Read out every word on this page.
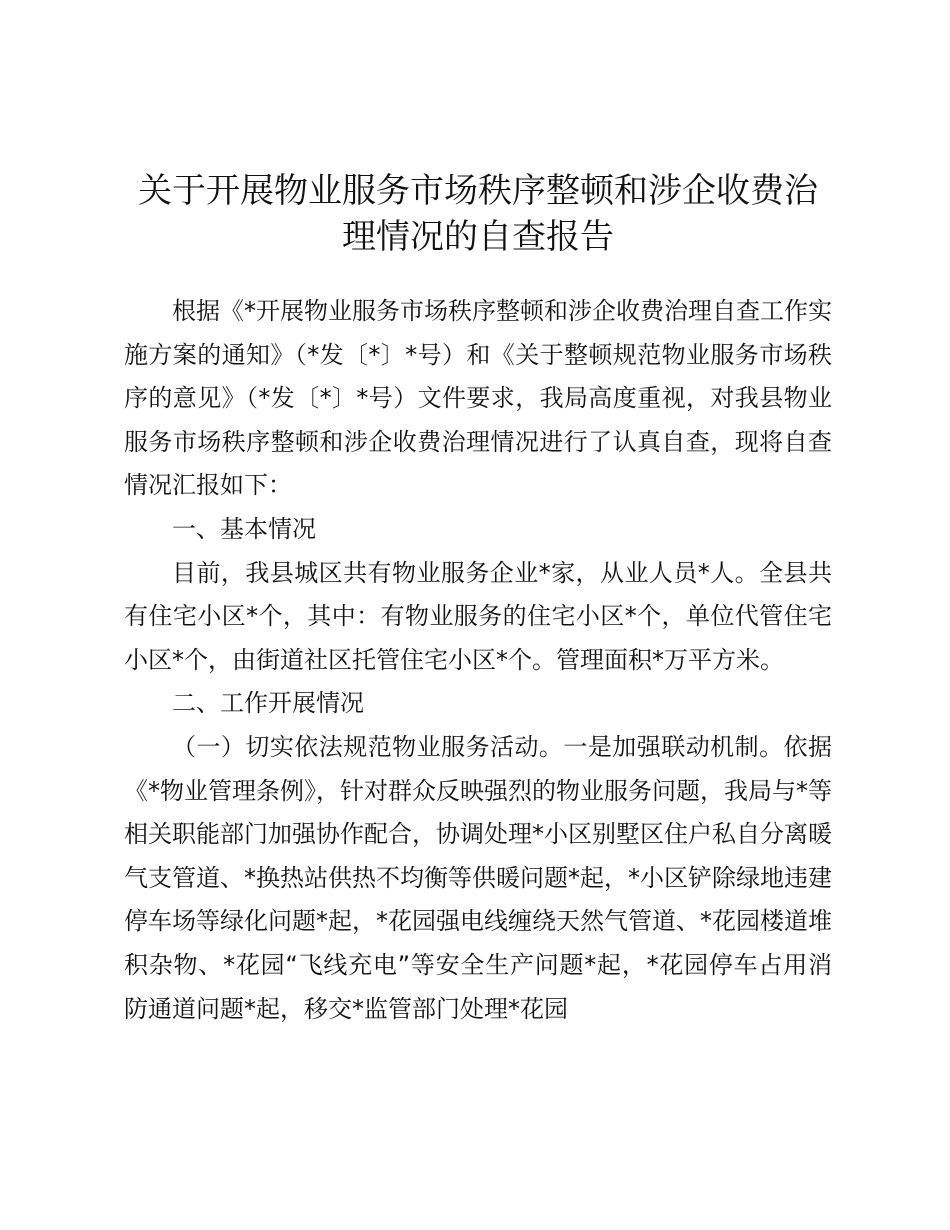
关于开展物业服务市场秩序整顿和涉企收费治
理情况的自查报告

根据《*开展物业服务市场秩序整顿和涉企收费治理自查工作实施方案的通知》（*发〔*〕*号）和《关于整顿规范物业服务市场秩序的意见》（*发〔*〕*号）文件要求，我局高度重视，对我县物业服务市场秩序整顿和涉企收费治理情况进行了认真自查，现将自查情况汇报如下：

一、基本情况

目前，我县城区共有物业服务企业*家，从业人员*人。全县共有住宅小区*个，其中：有物业服务的住宅小区*个，单位代管住宅小区*个，由街道社区托管住宅小区*个。管理面积*万平方米。

二、工作开展情况

（一）切实依法规范物业服务活动。一是加强联动机制。依据《*物业管理条例》，针对群众反映强烈的物业服务问题，我局与*等相关职能部门加强协作配合，协调处理*小区别墅区住户私自分离暖气支管道、*换热站供热不均衡等供暖问题*起，*小区铲除绿地违建停车场等绿化问题*起，*花园强电线缠绕天然气管道、*花园楼道堆积杂物、*花园“飞线充电”等安全生产问题*起，*花园停车占用消防通道问题*起，移交*监管部门处理*花园
